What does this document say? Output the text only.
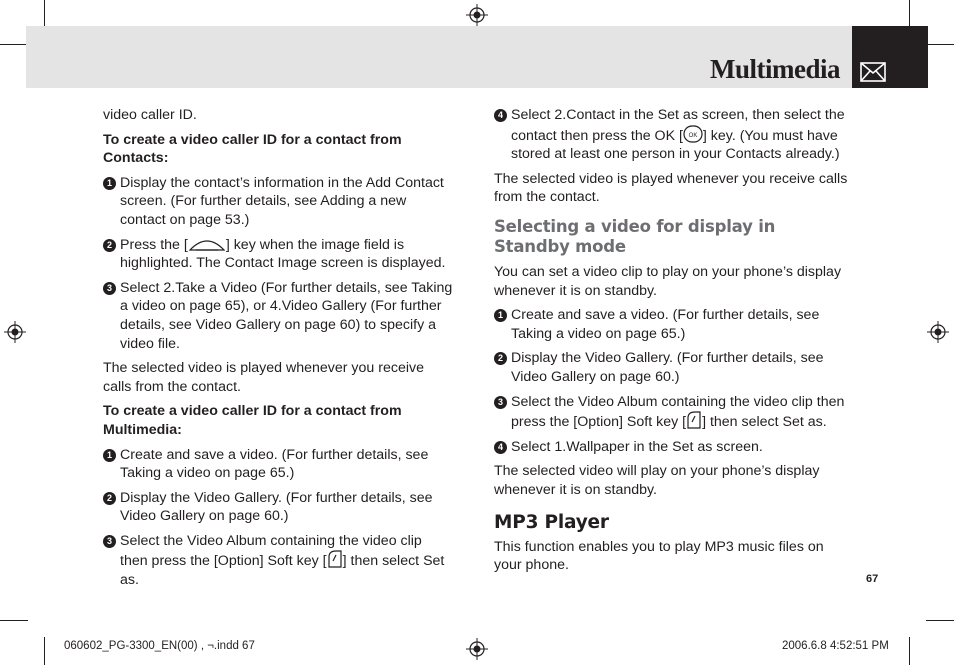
Multimedia

video caller ID.

To create a video caller ID for a contact from Contacts:

1 Display the contact’s information in the Add Contact screen. (For further details, see Adding a new contact on page 53.)
2 Press the [	] key when the image field is highlighted. The Contact Image screen is displayed.
3 Select 2.Take a Video (For further details, see Taking a video on page 65), or 4.Video Gallery (For further details, see Video Gallery on page 60) to specify a video file.

The selected video is played whenever you receive calls from the contact.

To create a video caller ID for a contact from Multimedia:

1 Create and save a video. (For further details, see Taking a video on page 65.)
2 Display the Video Gallery. (For further details, see Video Gallery on page 60.)
3 Select the Video Album containing the video clip then press the [Option] Soft key [ ] then select Set as.
4 Select 2.Contact in the Set as screen, then select the contact then press the OK [ OK ] key. (You must have stored at least one person in your Contacts already.)

The selected video is played whenever you receive calls from the contact.

Selecting a video for display in Standby mode

You can set a video clip to play on your phone’s display whenever it is on standby.

1 Create and save a video. (For further details, see Taking a video on page 65.)
2 Display the Video Gallery. (For further details, see Video Gallery on page 60.)
3 Select the Video Album containing the video clip then press the [Option] Soft key [ ] then select Set as.
4 Select 1.Wallpaper in the Set as screen.

The selected video will play on your phone’s display whenever it is on standby.

MP3 Player

This function enables you to play MP3 music files on your phone.

67
060602_PG-3300_EN(00) , ¬.indd 67	2006.6.8 4:52:51 PM
